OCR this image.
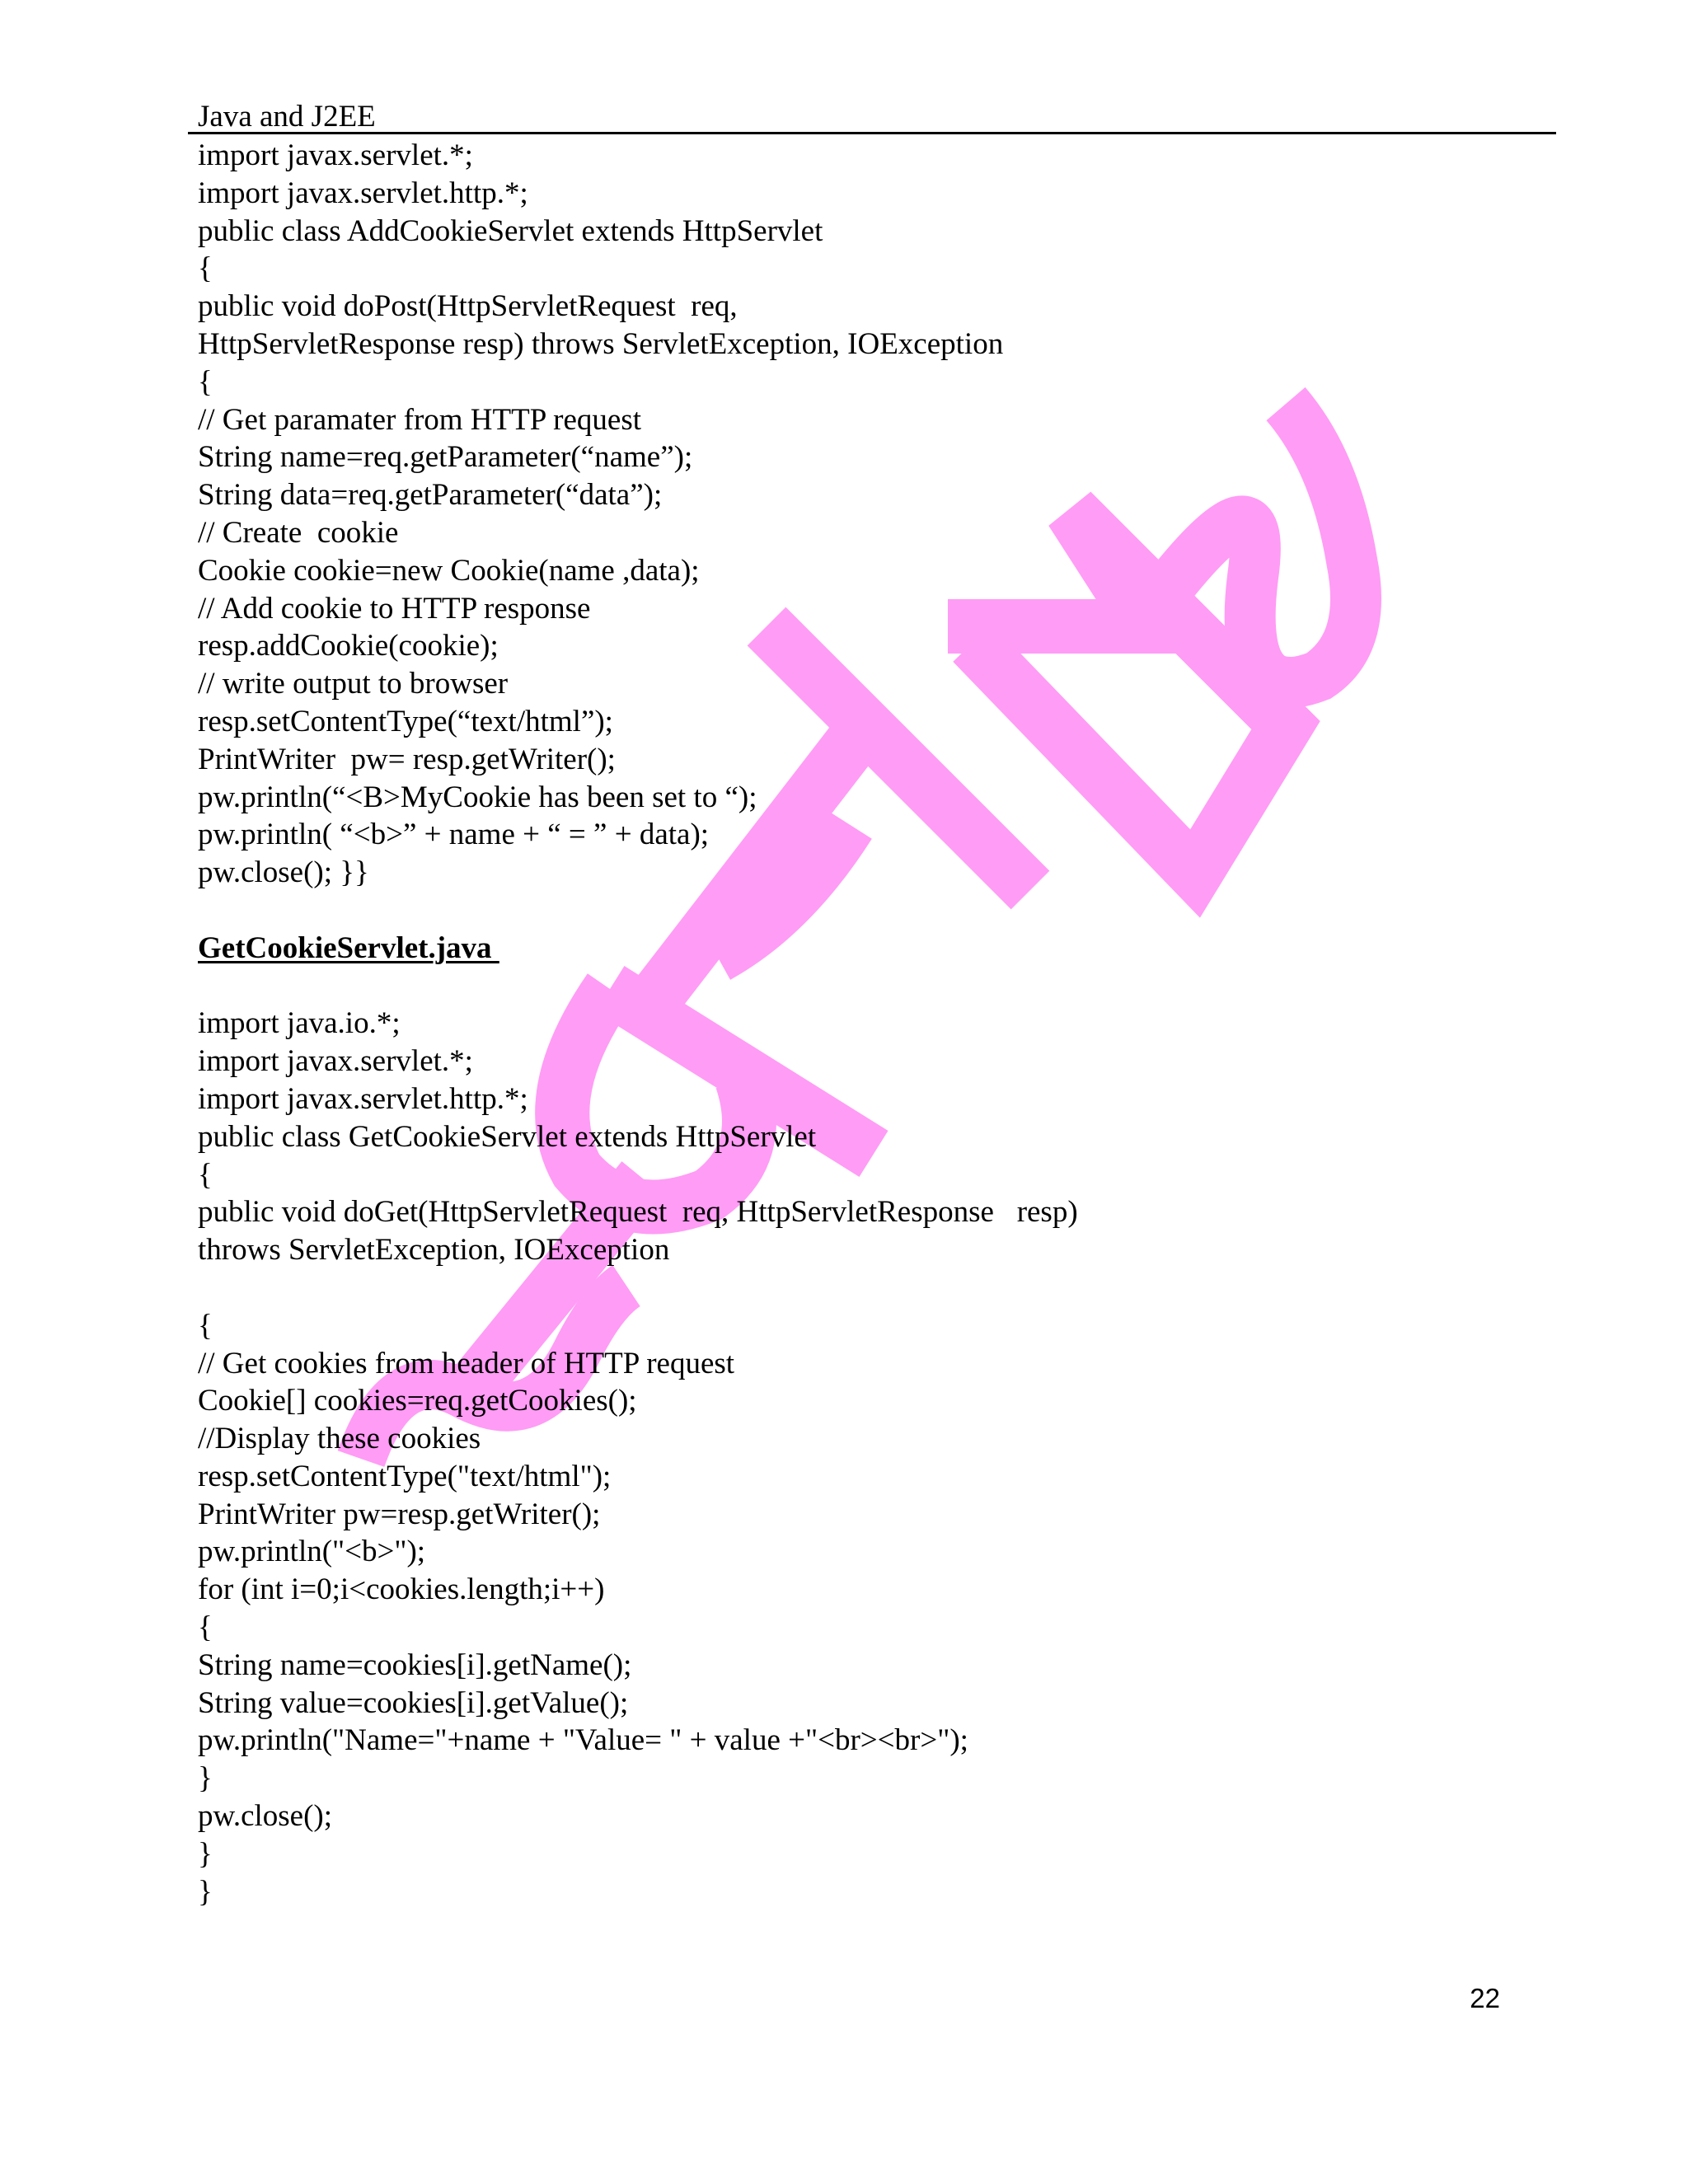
Java and J2EE
import javax.servlet.*;
import javax.servlet.http.*;
public class AddCookieServlet extends HttpServlet
{
public void doPost(HttpServletRequest  req,
HttpServletResponse resp) throws ServletException, IOException
{
// Get paramater from HTTP request
String name=req.getParameter(“name”);
String data=req.getParameter(“data”);
// Create  cookie
Cookie cookie=new Cookie(name ,data);
// Add cookie to HTTP response
resp.addCookie(cookie);
// write output to browser
resp.setContentType(“text/html”);
PrintWriter  pw= resp.getWriter();
pw.println(“<B>MyCookie has been set to “);
pw.println( “<b>” + name + “ = ” + data);
pw.close(); }}
GetCookieServlet.java
import java.io.*;
import javax.servlet.*;
import javax.servlet.http.*;
public class GetCookieServlet extends HttpServlet
{
public void doGet(HttpServletRequest  req, HttpServletResponse   resp)
throws ServletException, IOException
{
// Get cookies from header of HTTP request
Cookie[] cookies=req.getCookies();
//Display these cookies
resp.setContentType("text/html");
PrintWriter pw=resp.getWriter();
pw.println("<b>");
for (int i=0;i<cookies.length;i++)
{
String name=cookies[i].getName();
String value=cookies[i].getValue();
pw.println("Name="+name + "Value= " + value +"<br><br>");
}
pw.close();
}
}
22
